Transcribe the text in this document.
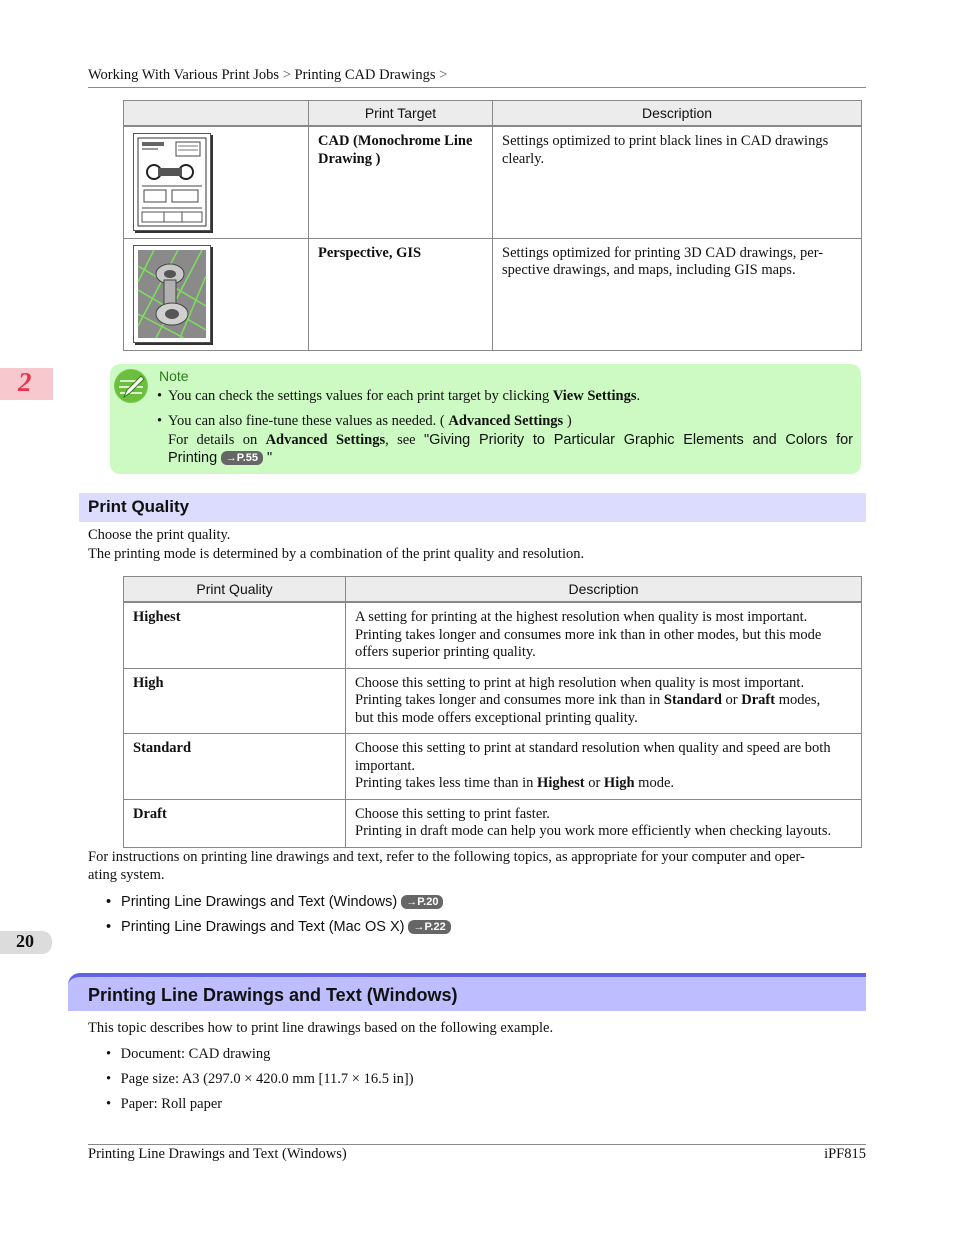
Working With Various Print Jobs > Printing CAD Drawings >
2
20
	Print Target	Description

	CAD (Monochrome Line Drawing )	Settings optimized to print black lines in CAD drawings clearly.

	Perspective, GIS	Settings optimized for printing 3D CAD drawings, per- spective drawings, and maps, including GIS maps.
Note
• You can check the settings values for each print target by clicking View Settings.
• You can also fine-tune these values as needed. ( Advanced Settings )
For details on Advanced Settings, see "Giving Priority to Particular Graphic Elements and Colors for
Printing →P.55 "
Print Quality
Choose the print quality.
The printing mode is determined by a combination of the print quality and resolution.
Print Quality	Description
Highest	A setting for printing at the highest resolution when quality is most important.
Printing takes longer and consumes more ink than in other modes, but this mode
offers superior printing quality.

High	Choose this setting to print at high resolution when quality is most important.
Printing takes longer and consumes more ink than in Standard or Draft modes,
but this mode offers exceptional printing quality.

Standard	Choose this setting to print at standard resolution when quality and speed are both
important.
Printing takes less time than in Highest or High mode.

Draft	Choose this setting to print faster.
Printing in draft mode can help you work more efficiently when checking layouts.
For instructions on printing line drawings and text, refer to the following topics, as appropriate for your computer and oper-
ating system.
• Printing Line Drawings and Text (Windows) →P.20
• Printing Line Drawings and Text (Mac OS X) →P.22
Printing Line Drawings and Text (Windows)
This topic describes how to print line drawings based on the following example.
• Document: CAD drawing
• Page size: A3 (297.0 × 420.0 mm [11.7 × 16.5 in])
• Paper: Roll paper
Printing Line Drawings and Text (Windows)	iPF815
